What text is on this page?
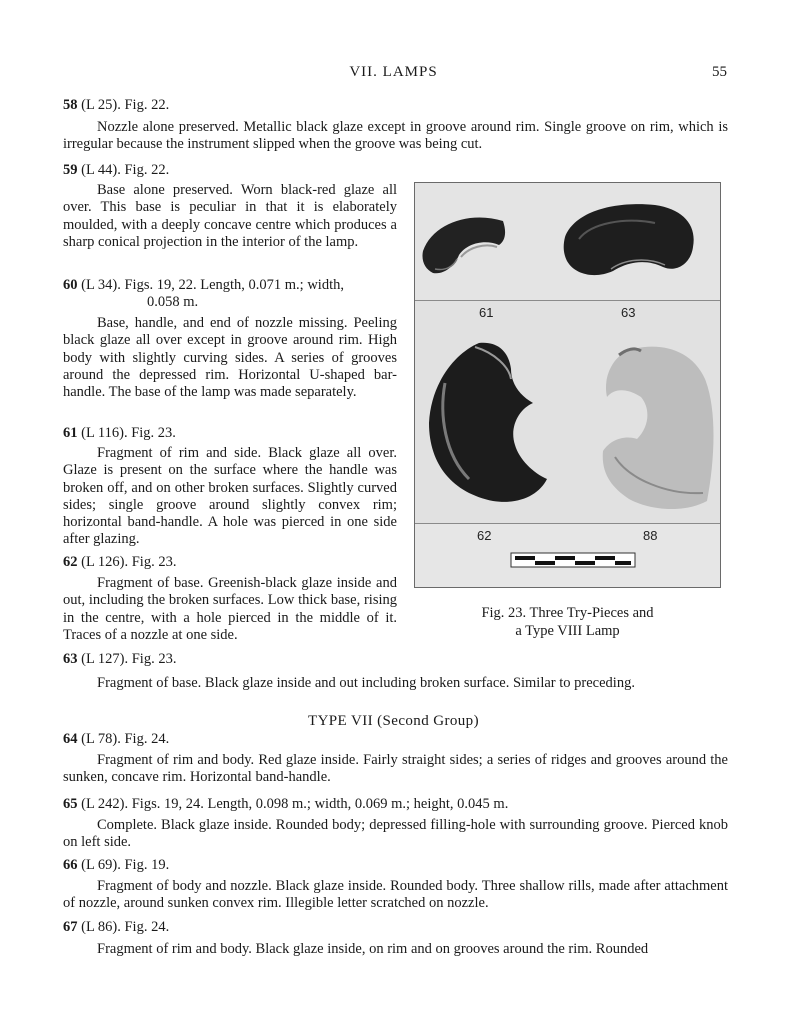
VII. LAMPS	55
58 (L 25). Fig. 22.

Nozzle alone preserved. Metallic black glaze except in groove around rim. Single groove on rim, which is irregular because the instrument slipped when the groove was being cut.

59 (L 44). Fig. 22.

Base alone preserved. Worn black-red glaze all over. This base is peculiar in that it is elaborately moulded, with a deeply concave centre which produces a sharp conical projection in the interior of the lamp.

60 (L 34). Figs. 19, 22. Length, 0.071 m.; width,
0.058 m.

Base, handle, and end of nozzle missing. Peeling black glaze all over except in groove around rim. High body with slightly curving sides. A series of grooves around the depressed rim. Horizontal U-shaped bar-handle. The base of the lamp was made separately.

61 (L 116). Fig. 23.

Fragment of rim and side. Black glaze all over. Glaze is present on the surface where the handle was broken off, and on other broken surfaces. Slightly curved sides; single groove around slightly convex rim; horizontal band-handle. A hole was pierced in one side after glazing.

62 (L 126). Fig. 23.

Fragment of base. Greenish-black glaze inside and out, including the broken surfaces. Low thick base, rising in the centre, with a hole pierced in the middle of it. Traces of a nozzle at one side.

63 (L 127). Fig. 23.

Fragment of base. Black glaze inside and out including broken surface. Similar to preceding.

TYPE VII (Second Group)
64 (L 78). Fig. 24.

Fragment of rim and body. Red glaze inside. Fairly straight sides; a series of ridges and grooves around the sunken, concave rim. Horizontal band-handle.

65 (L 242). Figs. 19, 24. Length, 0.098 m.; width, 0.069 m.; height, 0.045 m.

Complete. Black glaze inside. Rounded body; depressed filling-hole with surrounding groove. Pierced knob on left side.

66 (L 69). Fig. 19.

Fragment of body and nozzle. Black glaze inside. Rounded body. Three shallow rills, made after attachment of nozzle, around sunken convex rim. Illegible letter scratched on nozzle.

67 (L 86). Fig. 24.

Fragment of rim and body. Black glaze inside, on rim and on grooves around the rim. Rounded

61	63
62	88
Fig. 23. Three Try-Pieces and
a Type VIII Lamp
